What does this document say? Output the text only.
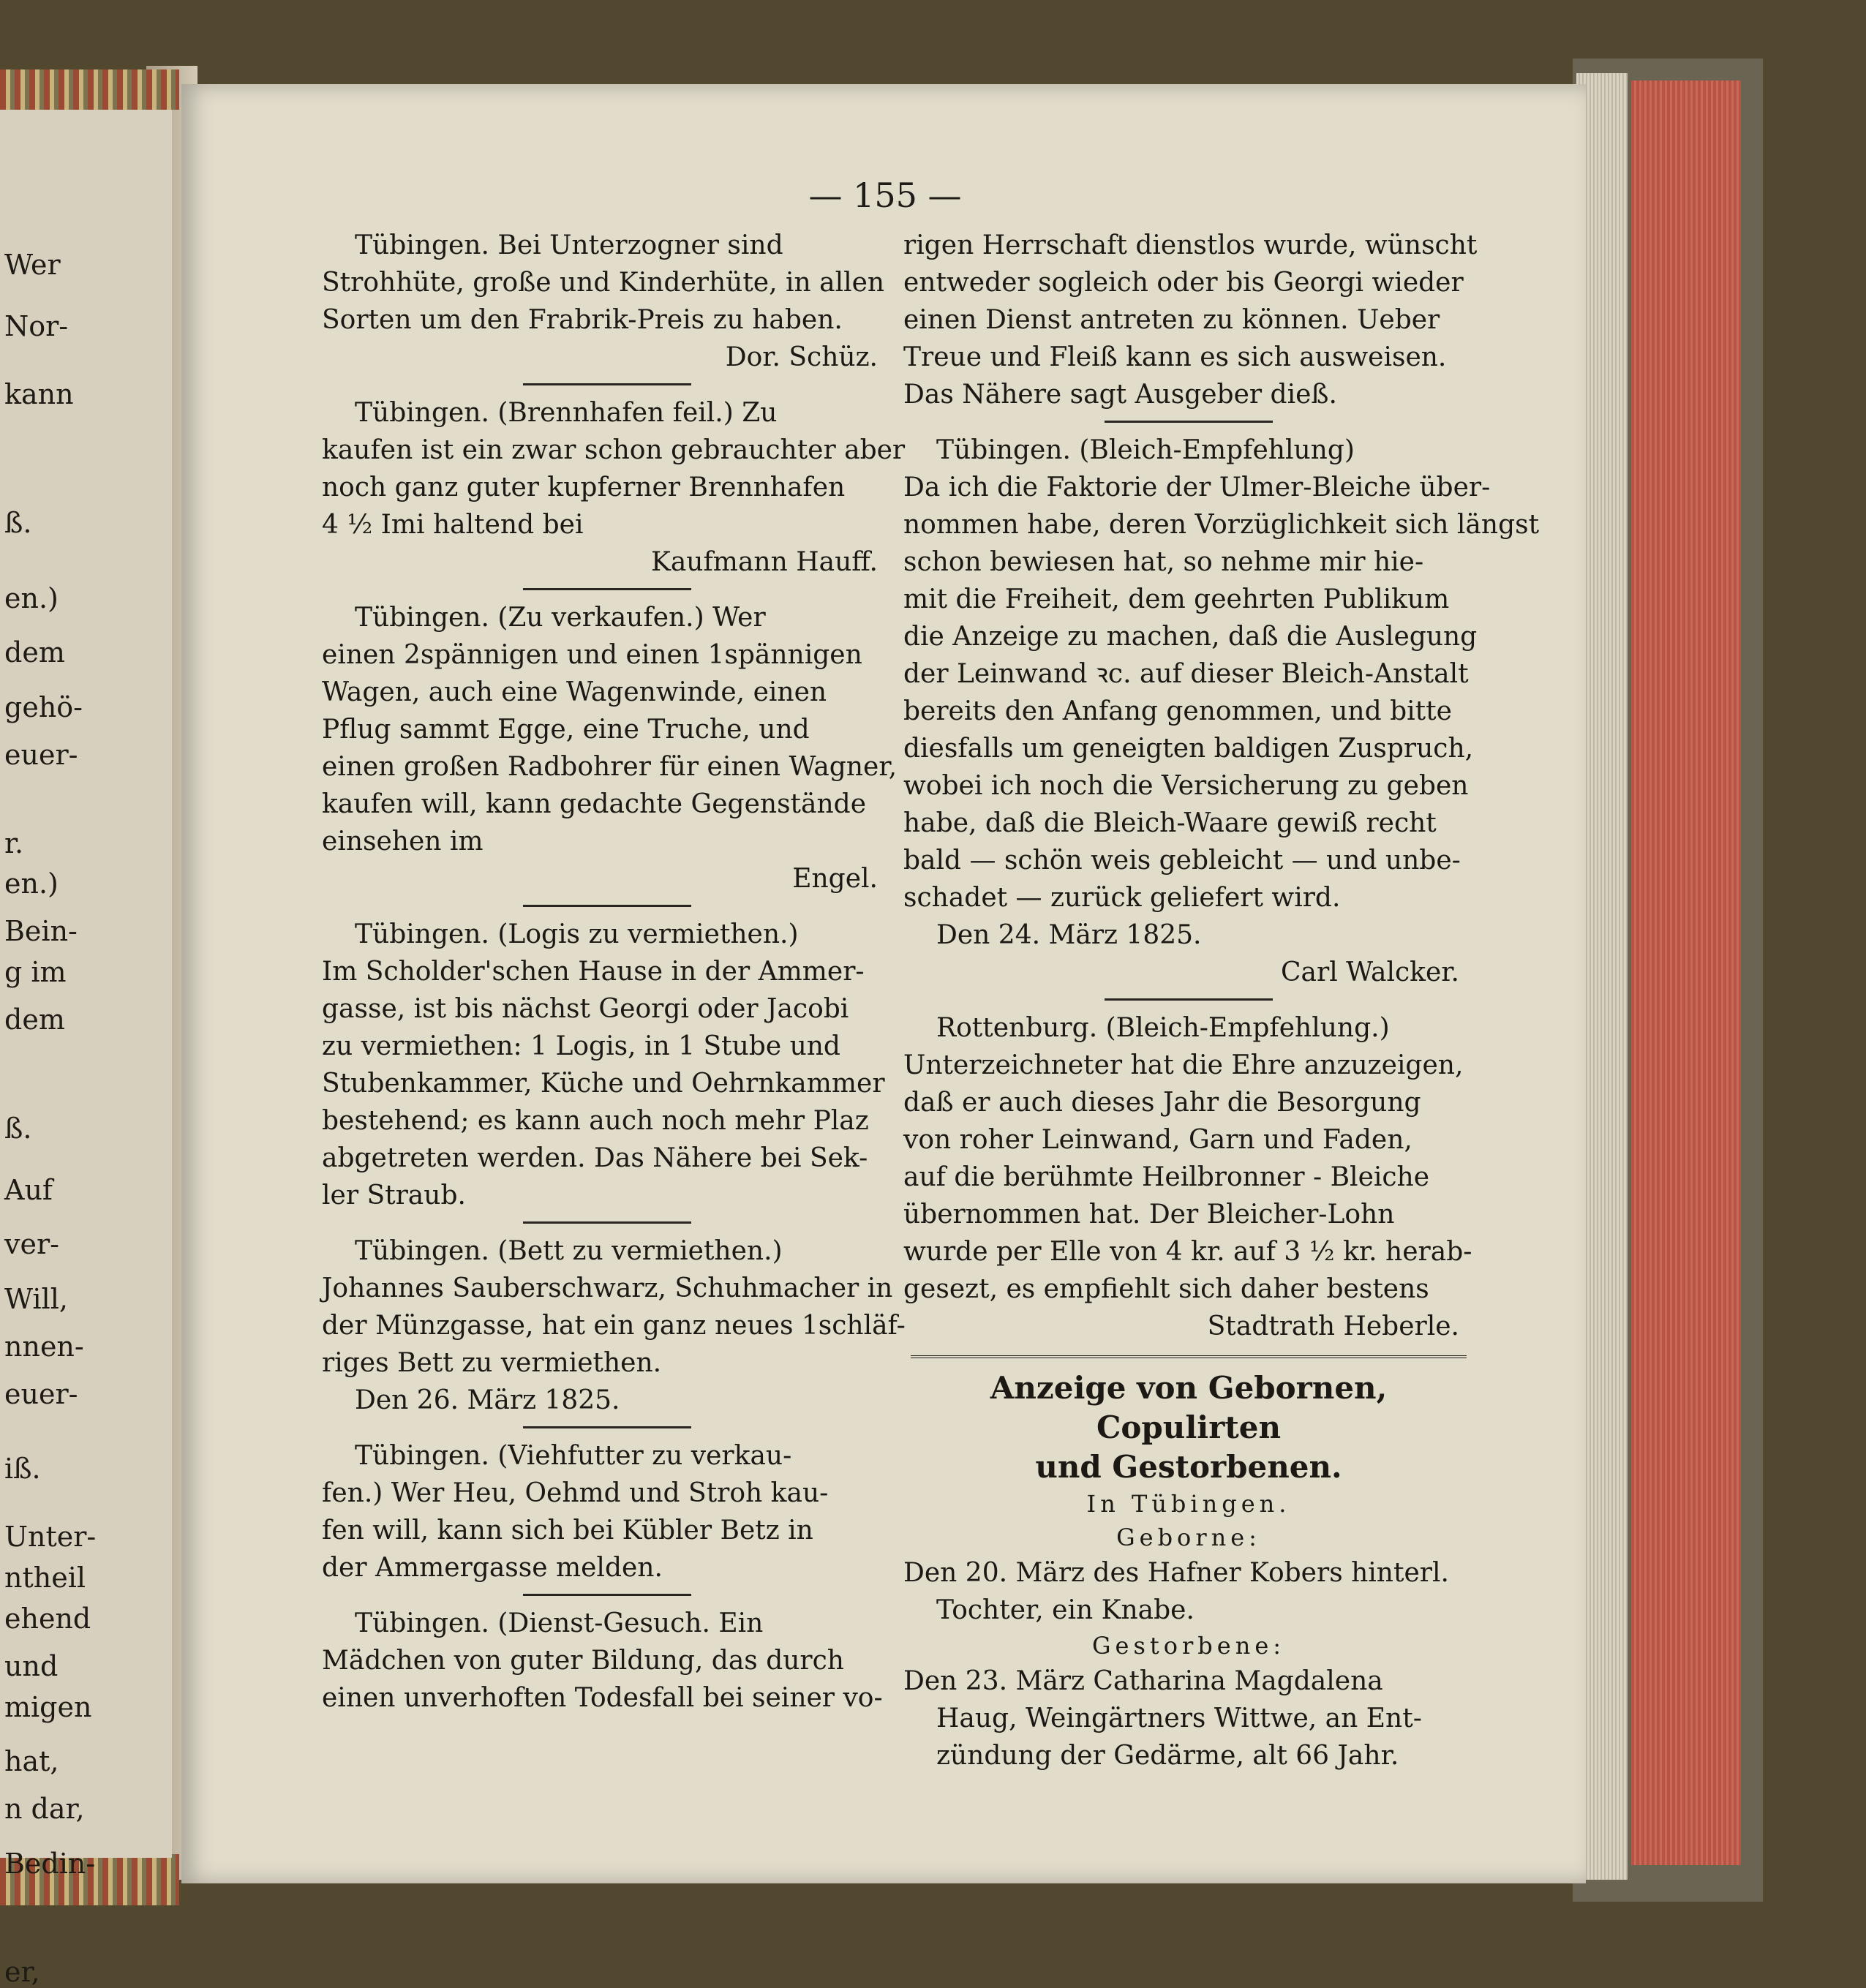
Wer
Nor-
kann
ß.
en.)
dem
gehö-
euer-
r.
en.)
Bein-
g im
dem
ß.
Auf
ver-
Will,
nnen-
euer-
iß.
Unter-
ntheil
ehend
und
migen
hat,
n dar,
Bedin-
er,
— 155 —
Tübingen. Bei Unterzogner sind
Strohhüte, große und Kinderhüte, in allen
Sorten um den Frabrik-Preis zu haben.
Dor. Schüz.
Tübingen. (Brennhafen feil.) Zu
kaufen ist ein zwar schon gebrauchter aber
noch ganz guter kupferner Brennhafen
4 ½ Imi haltend bei
Kaufmann Hauff.
Tübingen. (Zu verkaufen.) Wer
einen 2spännigen und einen 1spännigen
Wagen, auch eine Wagenwinde, einen
Pflug sammt Egge, eine Truche, und
einen großen Radbohrer für einen Wagner,
kaufen will, kann gedachte Gegenstände
einsehen im
Engel.
Tübingen. (Logis zu vermiethen.)
Im Scholder'schen Hause in der Ammer-
gasse, ist bis nächst Georgi oder Jacobi
zu vermiethen: 1 Logis, in 1 Stube und
Stubenkammer, Küche und Oehrnkammer
bestehend; es kann auch noch mehr Plaz
abgetreten werden. Das Nähere bei Sek-
ler Straub.
Tübingen. (Bett zu vermiethen.)
Johannes Sauberschwarz, Schuhmacher in
der Münzgasse, hat ein ganz neues 1schläf-
riges Bett zu vermiethen.
Den 26. März 1825.
Tübingen. (Viehfutter zu verkau-
fen.) Wer Heu, Oehmd und Stroh kau-
fen will, kann sich bei Kübler Betz in
der Ammergasse melden.
Tübingen. (Dienst-Gesuch. Ein
Mädchen von guter Bildung, das durch
einen unverhoften Todesfall bei seiner vo-
rigen Herrschaft dienstlos wurde, wünscht
entweder sogleich oder bis Georgi wieder
einen Dienst antreten zu können. Ueber
Treue und Fleiß kann es sich ausweisen.
Das Nähere sagt Ausgeber dieß.
Tübingen. (Bleich-Empfehlung)
Da ich die Faktorie der Ulmer-Bleiche über-
nommen habe, deren Vorzüglichkeit sich längst
schon bewiesen hat, so nehme mir hie-
mit die Freiheit, dem geehrten Publikum
die Anzeige zu machen, daß die Auslegung
der Leinwand ꝛc. auf dieser Bleich-Anstalt
bereits den Anfang genommen, und bitte
diesfalls um geneigten baldigen Zuspruch,
wobei ich noch die Versicherung zu geben
habe, daß die Bleich-Waare gewiß recht
bald — schön weis gebleicht — und unbe-
schadet — zurück geliefert wird.
Den 24. März 1825.
Carl Walcker.
Rottenburg. (Bleich-Empfehlung.)
Unterzeichneter hat die Ehre anzuzeigen,
daß er auch dieses Jahr die Besorgung
von roher Leinwand, Garn und Faden,
auf die berühmte Heilbronner - Bleiche
übernommen hat. Der Bleicher-Lohn
wurde per Elle von 4 kr. auf 3 ½ kr. herab-
gesezt, es empfiehlt sich daher bestens
Stadtrath Heberle.
Anzeige von Gebornen, Copulirten
und Gestorbenen.
In Tübingen.
Geborne:
Den 20. März des Hafner Kobers hinterl.
Tochter, ein Knabe.
Gestorbene:
Den 23. März Catharina Magdalena
Haug, Weingärtners Wittwe, an Ent-
zündung der Gedärme, alt 66 Jahr.
